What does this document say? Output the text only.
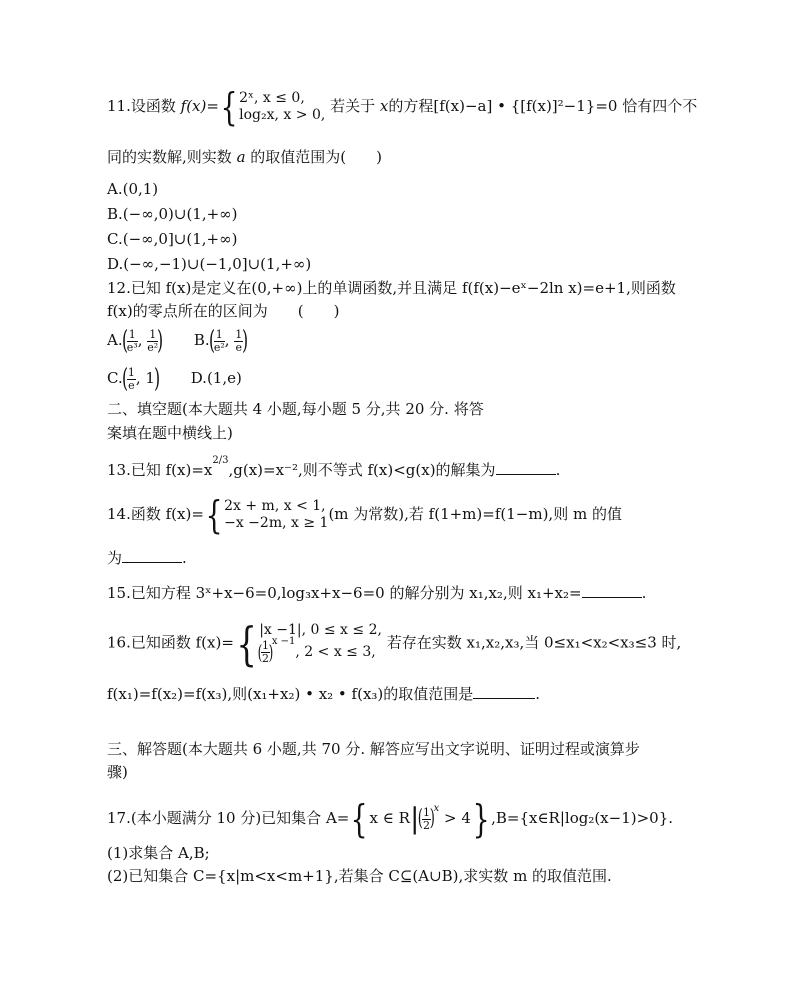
11.设函数 f(x)={ 2ˣ, x ≤ 0,
log₂x, x > 0, 若关于 x的方程[f(x)−a] • {[f(x)]²−1}=0 恰有四个不
同的实数解,则实数 a 的取值范围为(　　)
A.(0,1)
B.(−∞,0)∪(1,+∞)
C.(−∞,0]∪(1,+∞)
D.(−∞,−1)∪(−1,0]∪(1,+∞)
12.已知 f(x)是定义在(0,+∞)上的单调函数,并且满足 f(f(x)−eˣ−2ln x)=e+1,则函数
f(x)的零点所在的区间为　　(　　)
$A.( \frac{1}{\text{e³}}$ , $\frac{1}{\text{e²}}$ ) $B.( \frac{1}{\text{e²}}$ , $\frac{1}{e}$ )
$C.( \frac{1}{e}$ , 1) D.(1,e)
二、填空题(本大题共 4 小题,每小题 5 分,共 20 分. 将答
案填在题中横线上)
13.已知 $f(x)=x^{2/3},g(x)=x^{-2}$,则不等式 f(x)<g(x)的解集为	.
14.函数 f(x)={ 2x + m, x < 1,
−x −2m, x ≥ 1 (m 为常数),若 f(1+m)=f(1−m),则 m 的值
为	.
15.已知方程 3ˣ+x−6=0,log₃x+x−6=0 的解分别为 x₁,x₂,则 x₁+x₂=	.
16.已知函数 f(x)={ |x −1|, 0 ≤ x ≤ 2,
(
$\frac{1}{2}$
)$^{x -1}$, 2 < x ≤ 3,
若存在实数 x₁,x₂,x₃,当 0≤x₁<x₂<x₃≤3 时,
f(x₁)=f(x₂)=f(x₃),则(x₁+x₂) • x₂ • f(x₃)的取值范围是	.
三、解答题(本大题共 6 小题,共 70 分. 解答应写出文字说明、证明过程或演算步
骤)
17.(本小题满分 10 分)已知集合 A={ x ∈ R|(
$\frac{1}{2}$
)$^x$ > 4} ,B={x∈R|log₂(x−1)>0}.
(1)求集合 A,B;
(2)已知集合 C={x|m<x<m+1},若集合 C⊆(A∪B),求实数 m 的取值范围.
